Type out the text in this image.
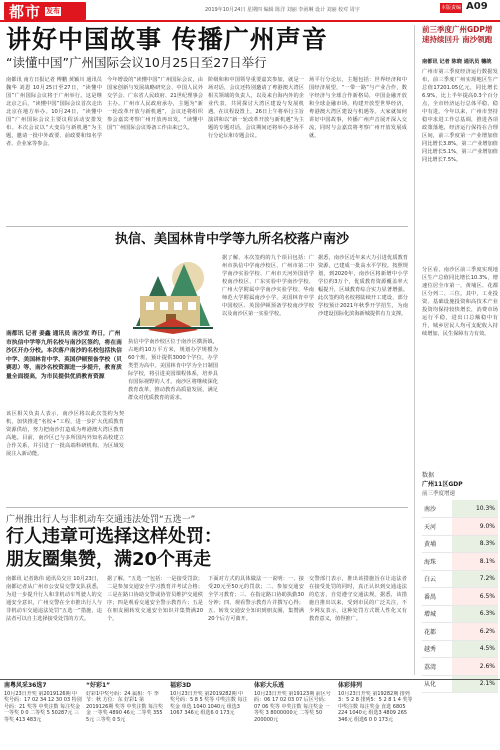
都市 发布	2019年10月24日 星期四 编辑 陈洋 刘丽 李函琳 设计 刘丽 校对 周宇	本版责编 A09
讲好中国故事 传播广州声音
“读懂中国”广州国际会议10月25日至27日举行
南都讯 南方日报记者 傅鹏 黄颖川 通讯员魏华 刘恩 10月25日至27日，“读懂中国”广州国际会议将于广州举行。这是继北京之后，“读懂中国”国际会议首次走出北京在地方举办。10月24日，“读懂中国”广州国际会议主要议程活动安排发布。本次会议以“大变局与新机遇”为主题，邀请一批中外政要、前政要和知名学者、企业家等参会。
今年增设的“读懂中国”广州国际会议，由国家创新与发展战略研究会、中国人民外交学会、广东省人民政府、21世纪理事会主办。广州市人民政府承办，主题为“新一轮改革开放与新机遇”，会议还将组织参会嘉宾考察广州开放再出发。“读懂中国”广州国际会议筹备工作由来已久。
阶级和和中国领导重要嘉宾参加，就是一场对话，会议还特别邀请了粤港澳大湾区相关领域的负责人，以及来自海内外的企业代表，共同探讨大湾区建设与发展机遇。在议程设置上，26日上午将举行主旨演讲和以“新一轮改革开放与新机遇”为主题的专题对话，会议期间还将举办多场平行分论坛和专题会议。
场平行分论坛，主题包括：世界经济和中国经济展望，“一带一路”与产业合作，数字经济与全球合作新格局，中国金融开放和全球金融市场，构建开放型世界经济，粤港澳大湾区建设与机遇等。大家就如何讲好中国故事，传播广州声音展开深入交流，同时与会嘉宾将考察广州开放发展成就。
前三季度广州GDP增速持续回升 南沙领跑
南都讯 记者 陈晓 通讯员 穗统
广州市第三季度经济运行数据发布，前三季度广州实现地区生产总值17201.05亿元，同比增长6.9%，比上半年提高0.3个百分点，全市经济运行总体平稳、稳中有进。今年以来，广州市坚持稳中求进工作总基调，推进各项政策落地，经济运行保持在合理区间，前三季度第一产业增加值同比增长3.8%，第二产业增加值同比增长5.1%，第三产业增加值同比增长7.5%。
分区看，南沙区前三季度实现地区生产总值同比增长10.3%，增速位居全市第一，黄埔区、花都区分列二、三位。其中，工业投资、基础设施投资和高技术产业投资均保持较快增长，消费市场运行平稳，进出口总额稳中有升，城乡居民人均可支配收入持续增加，民生保障有力有效。
执信、美国林肯中学等九所名校落户南沙
南都讯 记者 姜鑫 通讯员 南沙宣 昨日，广州市执信中学等九所名校与南沙区签约，将在南沙区开办分校。本次落户南沙的名校包括执信中学、美国林肯中学、英国伊顿预备学校（贝赛思）等，南沙名校资源进一步提升，教育质量全面提高，为市民提供优质教育资源
据了解，本次签约的九个项目包括：广州市执信中学南沙校区、广州市第二中学南沙实验学校、广州市天河外国语学校南沙校区、广东实验中学南沙学校、广州大学附属中学南沙实验学校、华南师范大学附属南沙小学、美国林肯中学中国校区、英国伊顿预备学校南沙学校以及南沙区第一实验学校。
据悉，南沙区近年来大力引进优质教育资源，已建成一批高水平学校。按照规划，到2020年，南沙区将新增中小学学位约3万个，优质教育资源覆盖率大幅提升，区域教育综合实力显著增强。此次签约的名校将陆续开工建设，部分学校预计2021年秋季开学招生，为南沙建设国际化滨海新城提供有力支撑。
执信中学南沙校区位于南沙区横沥镇，占地约10万平方米，规划办学规模为60个班，预计提供3000个学位，办学类型为高中。美国林肯中学为全日制国际学校，将引进美国课程体系，培养具有国际视野的人才。南沙区将继续深化教育改革，推动教育高质量发展，满足群众对优质教育的需求。
该区相关负责人表示，南沙区将以此次签约为契机，加快推进“名校+”工程，进一步扩大优质教育资源供给，努力把南沙打造成为粤港澳大湾区教育高地。目前，南沙区已与多所国内外知名高校建立合作关系，并引进了一批高端科研机构，为区域发展注入新动能。
广州推出行人与非机动车交通违法处罚“五选一”
行人违章可选择这样处罚：
朋友圈集赞，满20个再走
南都讯 记者陈伟 通讯员交宣 10月23日，南都记者从广州市公安局交警支队获悉，为进一步提升行人和非机动车驾驶人的交通安全意识，广州交警在全市推出行人与非机动车交通违法处罚“五选一”措施，违法者可以自主选择接受处罚的方式。
据了解，“五选一”包括：一是接受罚款；二是参加交通安全学习教育并考试合格；三是在路口协助交警或协管员维护交通秩序；四是观看交通安全警示教育片；五是在朋友圈转发交通安全知识并集赞满20个。
下面对方式的具体做法一一说明：一、接受20元至50元的罚款；二、参加交通安全学习教育；三、在指定路口协助执勤30分钟；四、观看警示教育片并撰写心得；五、转发交通安全知识到朋友圈，集赞满20个后方可离开。
交警部门表示，推出该措施旨在让违法者在接受处罚的同时，真正认识到交通违法的危害，自觉遵守交通法规。据悉，该措施自推出以来，受到市民的广泛关注，不少网友表示，这种处罚方式既人性化又有教育意义，值得推广。
数据
广州11区GDP
前三季度增速
南沙	10.3%
天河	9.0%
黄埔	8.3%
海珠	8.1%
白云	7.2%
番禺	6.5%
增城	6.3%
花都	6.2%
越秀	4.5%
荔湾	2.6%
从化	2.1%
南粤风采36选7
10月23日开奖 第2019126期 中奖号码：17 02 34 12 30 03 特别号码：21 奖等 中奖注数 每注奖金 一等奖 0 0 二等奖 5 50287元 三等奖 413 483元
“好彩1”
好彩1中奖号码：24 属相：牛 季节：秋 方位：东 好彩1 第2019126期 奖等 中奖注数 每注奖金 一等奖 4890 46元 二等奖 355 5元 三等奖 0 5元
福彩3D
10月23日开奖 第2019282期 中奖号码：5 8 5 奖等 中奖注数 每注奖金 单选 1040 1040元 组选3 1067 346元 组选6 0 173元
体彩大乐透
10月23日开奖 第19123期 前区号码：06 17 02 03 07 后区号码：07 06 奖等 中奖注数 每注奖金 一等奖 3 8000000元 二等奖 50 200000元
体彩排列
10月23日开奖 第19282期 排列3：5 2 8 排列5：5 2 8 1 4 奖等 中奖注数 每注奖金 直选 6805 224 1040元 组选3 4809 265 346元 组选6 0 0 173元
